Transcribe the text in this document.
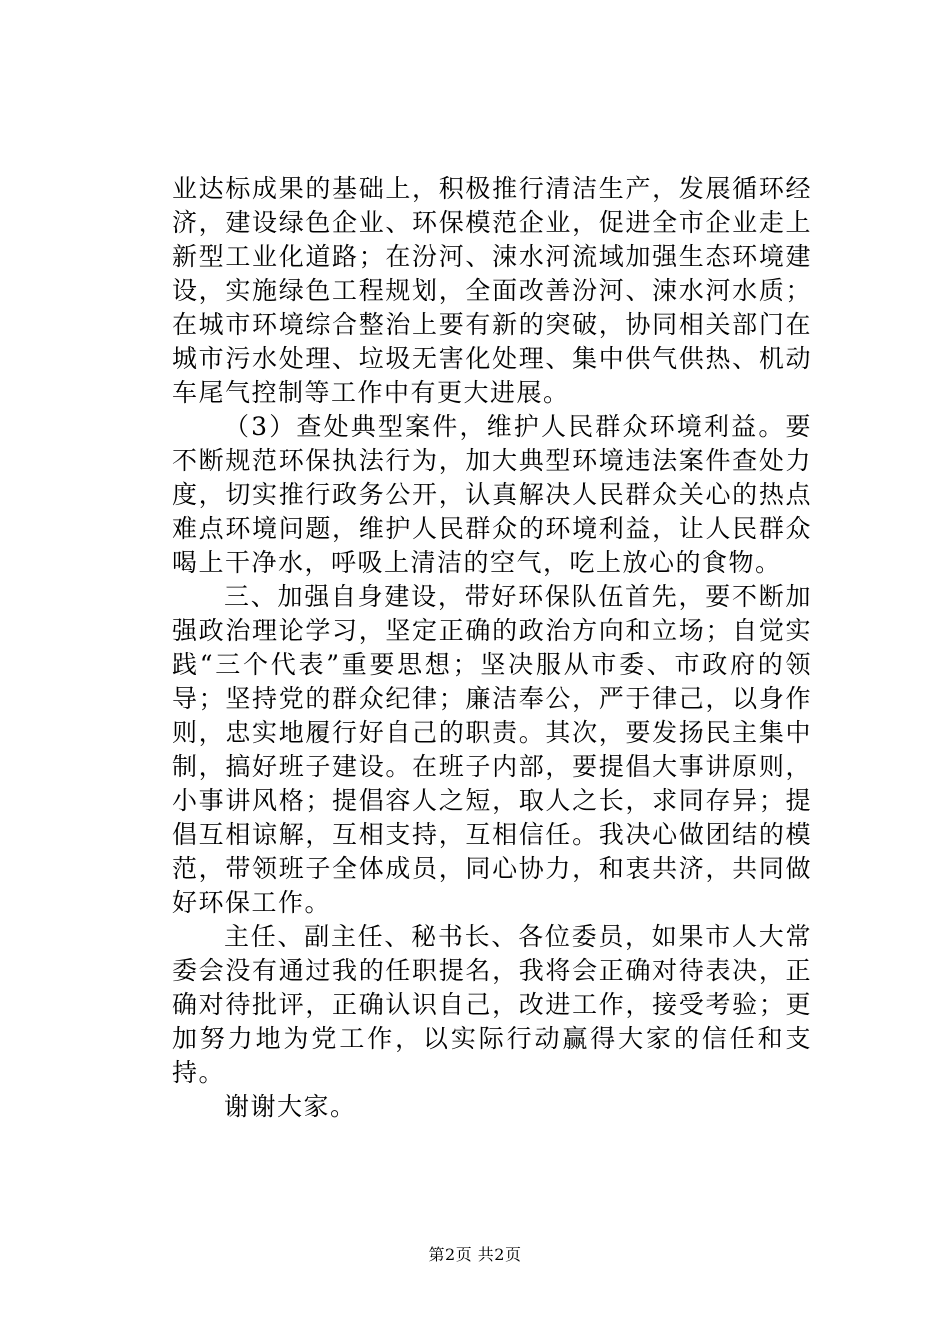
业达标成果的基础上，积极推行清洁生产，发展循环经济，建设绿色企业、环保模范企业，促进全市企业走上新型工业化道路；在汾河、涑水河流域加强生态环境建设，实施绿色工程规划，全面改善汾河、涑水河水质；在城市环境综合整治上要有新的突破，协同相关部门在城市污水处理、垃圾无害化处理、集中供气供热、机动车尾气控制等工作中有更大进展。

（3）查处典型案件，维护人民群众环境利益。要不断规范环保执法行为，加大典型环境违法案件查处力度，切实推行政务公开，认真解决人民群众关心的热点难点环境问题，维护人民群众的环境利益，让人民群众喝上干净水，呼吸上清洁的空气，吃上放心的食物。

三、加强自身建设，带好环保队伍首先，要不断加强政治理论学习，坚定正确的政治方向和立场；自觉实践“三个代表”重要思想；坚决服从市委、市政府的领导；坚持党的群众纪律；廉洁奉公，严于律己，以身作则，忠实地履行好自己的职责。其次，要发扬民主集中制，搞好班子建设。在班子内部，要提倡大事讲原则，小事讲风格；提倡容人之短，取人之长，求同存异；提倡互相谅解，互相支持，互相信任。我决心做团结的模范，带领班子全体成员，同心协力，和衷共济，共同做好环保工作。

主任、副主任、秘书长、各位委员，如果市人大常委会没有通过我的任职提名，我将会正确对待表决，正确对待批评，正确认识自己，改进工作，接受考验；更加努力地为党工作，以实际行动赢得大家的信任和支持。

谢谢大家。

第2页 共2页
